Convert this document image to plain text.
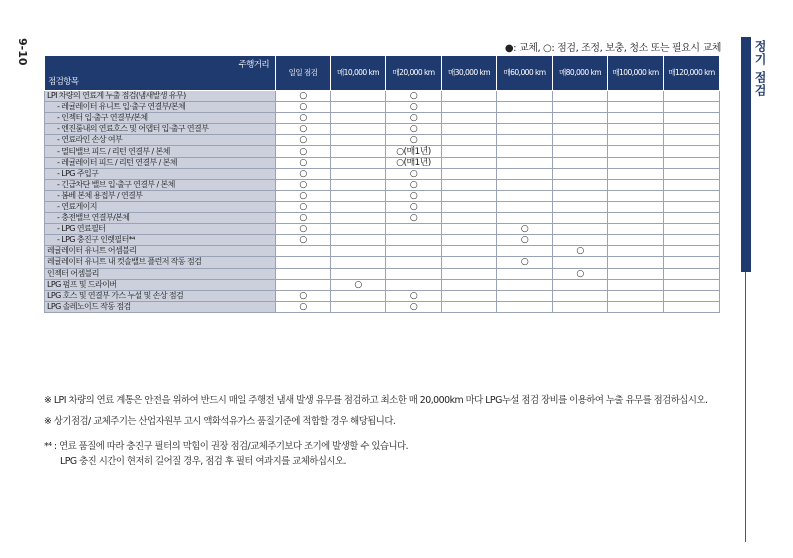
9-10	●: 교체, ○: 점검, 조정, 보충, 청소 또는 필요시 교체	정기 점검
주행거리
점검항목	일일 점검	매10,000 km	매20,000 km	매30,000 km	매60,000 km	매80,000 km	매100,000 km	매120,000 km
LPI 차량의 연료계 누출 점검(냄새발생 유무)	○		○					
- 레귤레이터 유니트 입·출구 연결부/본체	○		○					
- 인젝터 입·출구 연결부/본체	○		○					
- 엔진룸내의 연료호스 및 어댑터 입·출구 연결부	○		○					
- 연료라인 손상 여부	○		○					
- 멀티밸브 피드 / 리턴 연결부 / 본체	○		○(매1년)					
- 레귤레이터 피드 / 리턴 연결부 / 본체	○		○(매1년)					
- LPG 주입구	○		○					
- 긴급차단 밸브 입·출구 연결부 / 본체	○		○					
- 봄베 본체 용접부 / 연결부	○		○					
- 연료게이지	○		○					
- 충전밸브 연결부/본체	○		○					
- LPG 연료필터	○				○			
- LPG 충진구 인렛필터*⁴	○				○			
레귤레이터 유니트 어셈블리						○		
레귤레이터 유니트 내 컷솔밸브 플런저 작동 점검					○			
인젝터 어셈블리						○		
LPG 펌프 및 드라이버		○						
LPG 호스 및 연결부 가스 누설 및 손상 점검	○		○					
LPG 솔레노이드 작동 점검	○		○					

※ LPI 차량의 연료 계통은 안전을 위하여 반드시 매일 주행전 냄새 발생 유무를 점검하고 최소한 매 20,000km 마다 LPG누설 점검 장비를 이용하여 누출 유무를 점검하십시오.

※ 상기점검/ 교체주기는 산업자원부 고시 액화석유가스 품질기준에 적합할 경우 해당됩니다.

*⁴ : 연료 품질에 따라 충진구 필터의 막힘이 권장 점검/교체주기보다 조기에 발생할 수 있습니다.

LPG 충진 시간이 현저히 길어질 경우, 점검 후 필터 여과지를 교체하십시오.
